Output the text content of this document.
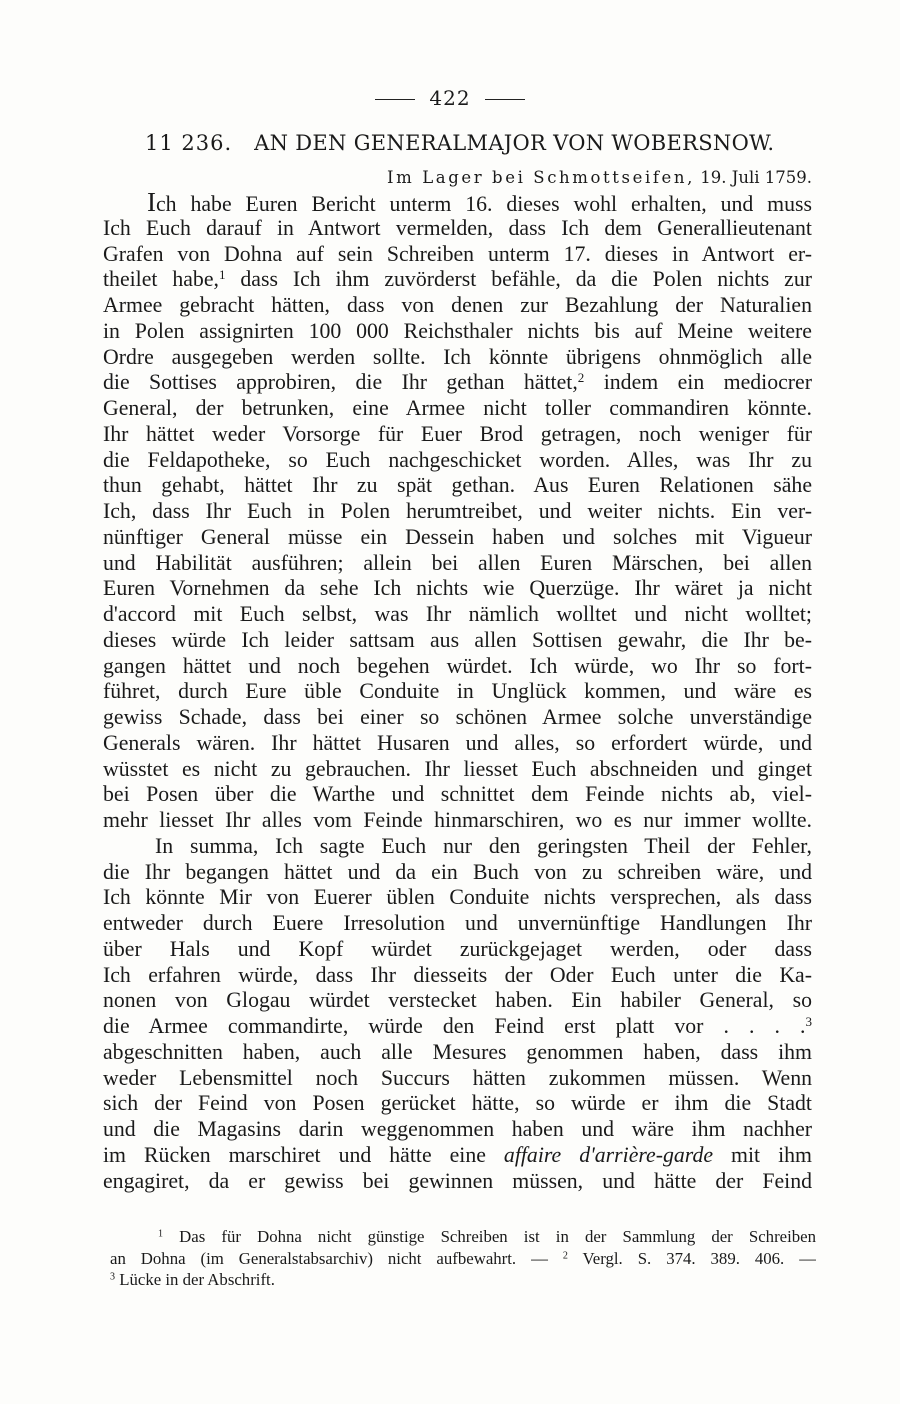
422
11 236. AN DEN GENERALMAJOR VON WOBERSNOW.
Im Lager bei Schmottseifen, 19. Juli 1759.
Ich habe Euren Bericht unterm 16. dieses wohl erhalten, und muss
Ich Euch darauf in Antwort vermelden, dass Ich dem Generallieutenant
Grafen von Dohna auf sein Schreiben unterm 17. dieses in Antwort er-
theilet habe,$^1$ dass Ich ihm zuvörderst befähle, da die Polen nichts zur
Armee gebracht hätten, dass von denen zur Bezahlung der Naturalien
in Polen assignirten 100 000 Reichsthaler nichts bis auf Meine weitere
Ordre ausgegeben werden sollte. Ich könnte übrigens ohnmöglich alle
die Sottises approbiren, die Ihr gethan hättet,$^2$ indem ein mediocrer
General, der betrunken, eine Armee nicht toller commandiren könnte.
Ihr hättet weder Vorsorge für Euer Brod getragen, noch weniger für
die Feldapotheke, so Euch nachgeschicket worden. Alles, was Ihr zu
thun gehabt, hättet Ihr zu spät gethan. Aus Euren Relationen sähe
Ich, dass Ihr Euch in Polen herumtreibet, und weiter nichts. Ein ver-
nünftiger General müsse ein Dessein haben und solches mit Vigueur
und Habilität ausführen; allein bei allen Euren Märschen, bei allen
Euren Vornehmen da sehe Ich nichts wie Querzüge. Ihr wäret ja nicht
d'accord mit Euch selbst, was Ihr nämlich wolltet und nicht wolltet;
dieses würde Ich leider sattsam aus allen Sottisen gewahr, die Ihr be-
gangen hättet und noch begehen würdet. Ich würde, wo Ihr so fort-
führet, durch Eure üble Conduite in Unglück kommen, und wäre es
gewiss Schade, dass bei einer so schönen Armee solche unverständige
Generals wären. Ihr hättet Husaren und alles, so erfordert würde, und
wüsstet es nicht zu gebrauchen. Ihr liesset Euch abschneiden und ginget
bei Posen über die Warthe und schnittet dem Feinde nichts ab, viel-
mehr liesset Ihr alles vom Feinde hinmarschiren, wo es nur immer wollte.
In summa, Ich sagte Euch nur den geringsten Theil der Fehler,
die Ihr begangen hättet und da ein Buch von zu schreiben wäre, und
Ich könnte Mir von Euerer üblen Conduite nichts versprechen, als dass
entweder durch Euere Irresolution und unvernünftige Handlungen Ihr
über Hals und Kopf würdet zurückgejaget werden, oder dass
Ich erfahren würde, dass Ihr diesseits der Oder Euch unter die Ka-
nonen von Glogau würdet verstecket haben. Ein habiler General, so
die Armee commandirte, würde den Feind erst platt vor . . . .$^3$
abgeschnitten haben, auch alle Mesures genommen haben, dass ihm
weder Lebensmittel noch Succurs hätten zukommen müssen. Wenn
sich der Feind von Posen gerücket hätte, so würde er ihm die Stadt
und die Magasins darin weggenommen haben und wäre ihm nachher
im Rücken marschiret und hätte eine affaire d'arrière-garde mit ihm
engagiret, da er gewiss bei gewinnen müssen, und hätte der Feind
$^1$ Das für Dohna nicht günstige Schreiben ist in der Sammlung der Schreiben
an Dohna (im Generalstabsarchiv) nicht aufbewahrt. — $^2$ Vergl. S. 374. 389. 406. —
$^3$ Lücke in der Abschrift.
